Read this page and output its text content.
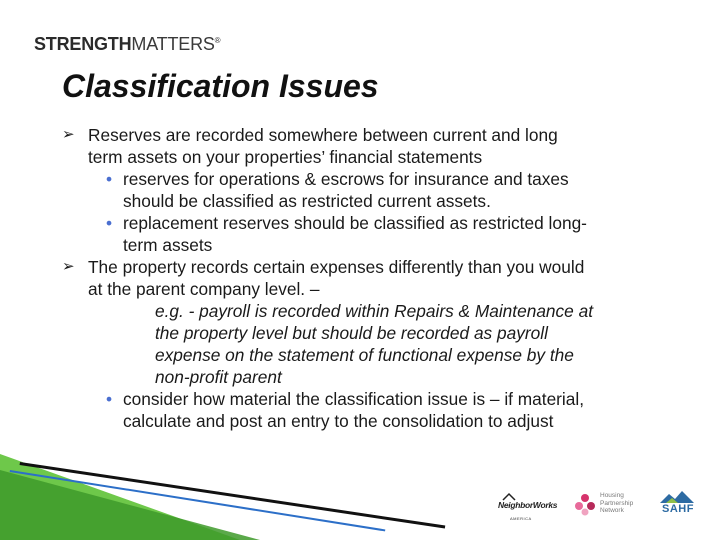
STRENGTHMATTERS®
Classification Issues
➢ Reserves are recorded somewhere between current and long
term assets on your properties’ financial statements
• reserves for operations & escrows for insurance and taxes
should be classified as restricted current assets.
• replacement reserves should be classified as restricted long-
term assets
➢ The property records certain expenses differently than you would
at the parent company level. –
e.g. - payroll is recorded within Repairs & Maintenance at
the property level but should be recorded as payroll
expense on the statement of functional expense by the
non-profit parent
• consider how material the classification issue is – if material,
calculate and post an entry to the consolidation to adjust
NeighborWorks
AMERICA
Housing
Partnership
Network	SAHF
